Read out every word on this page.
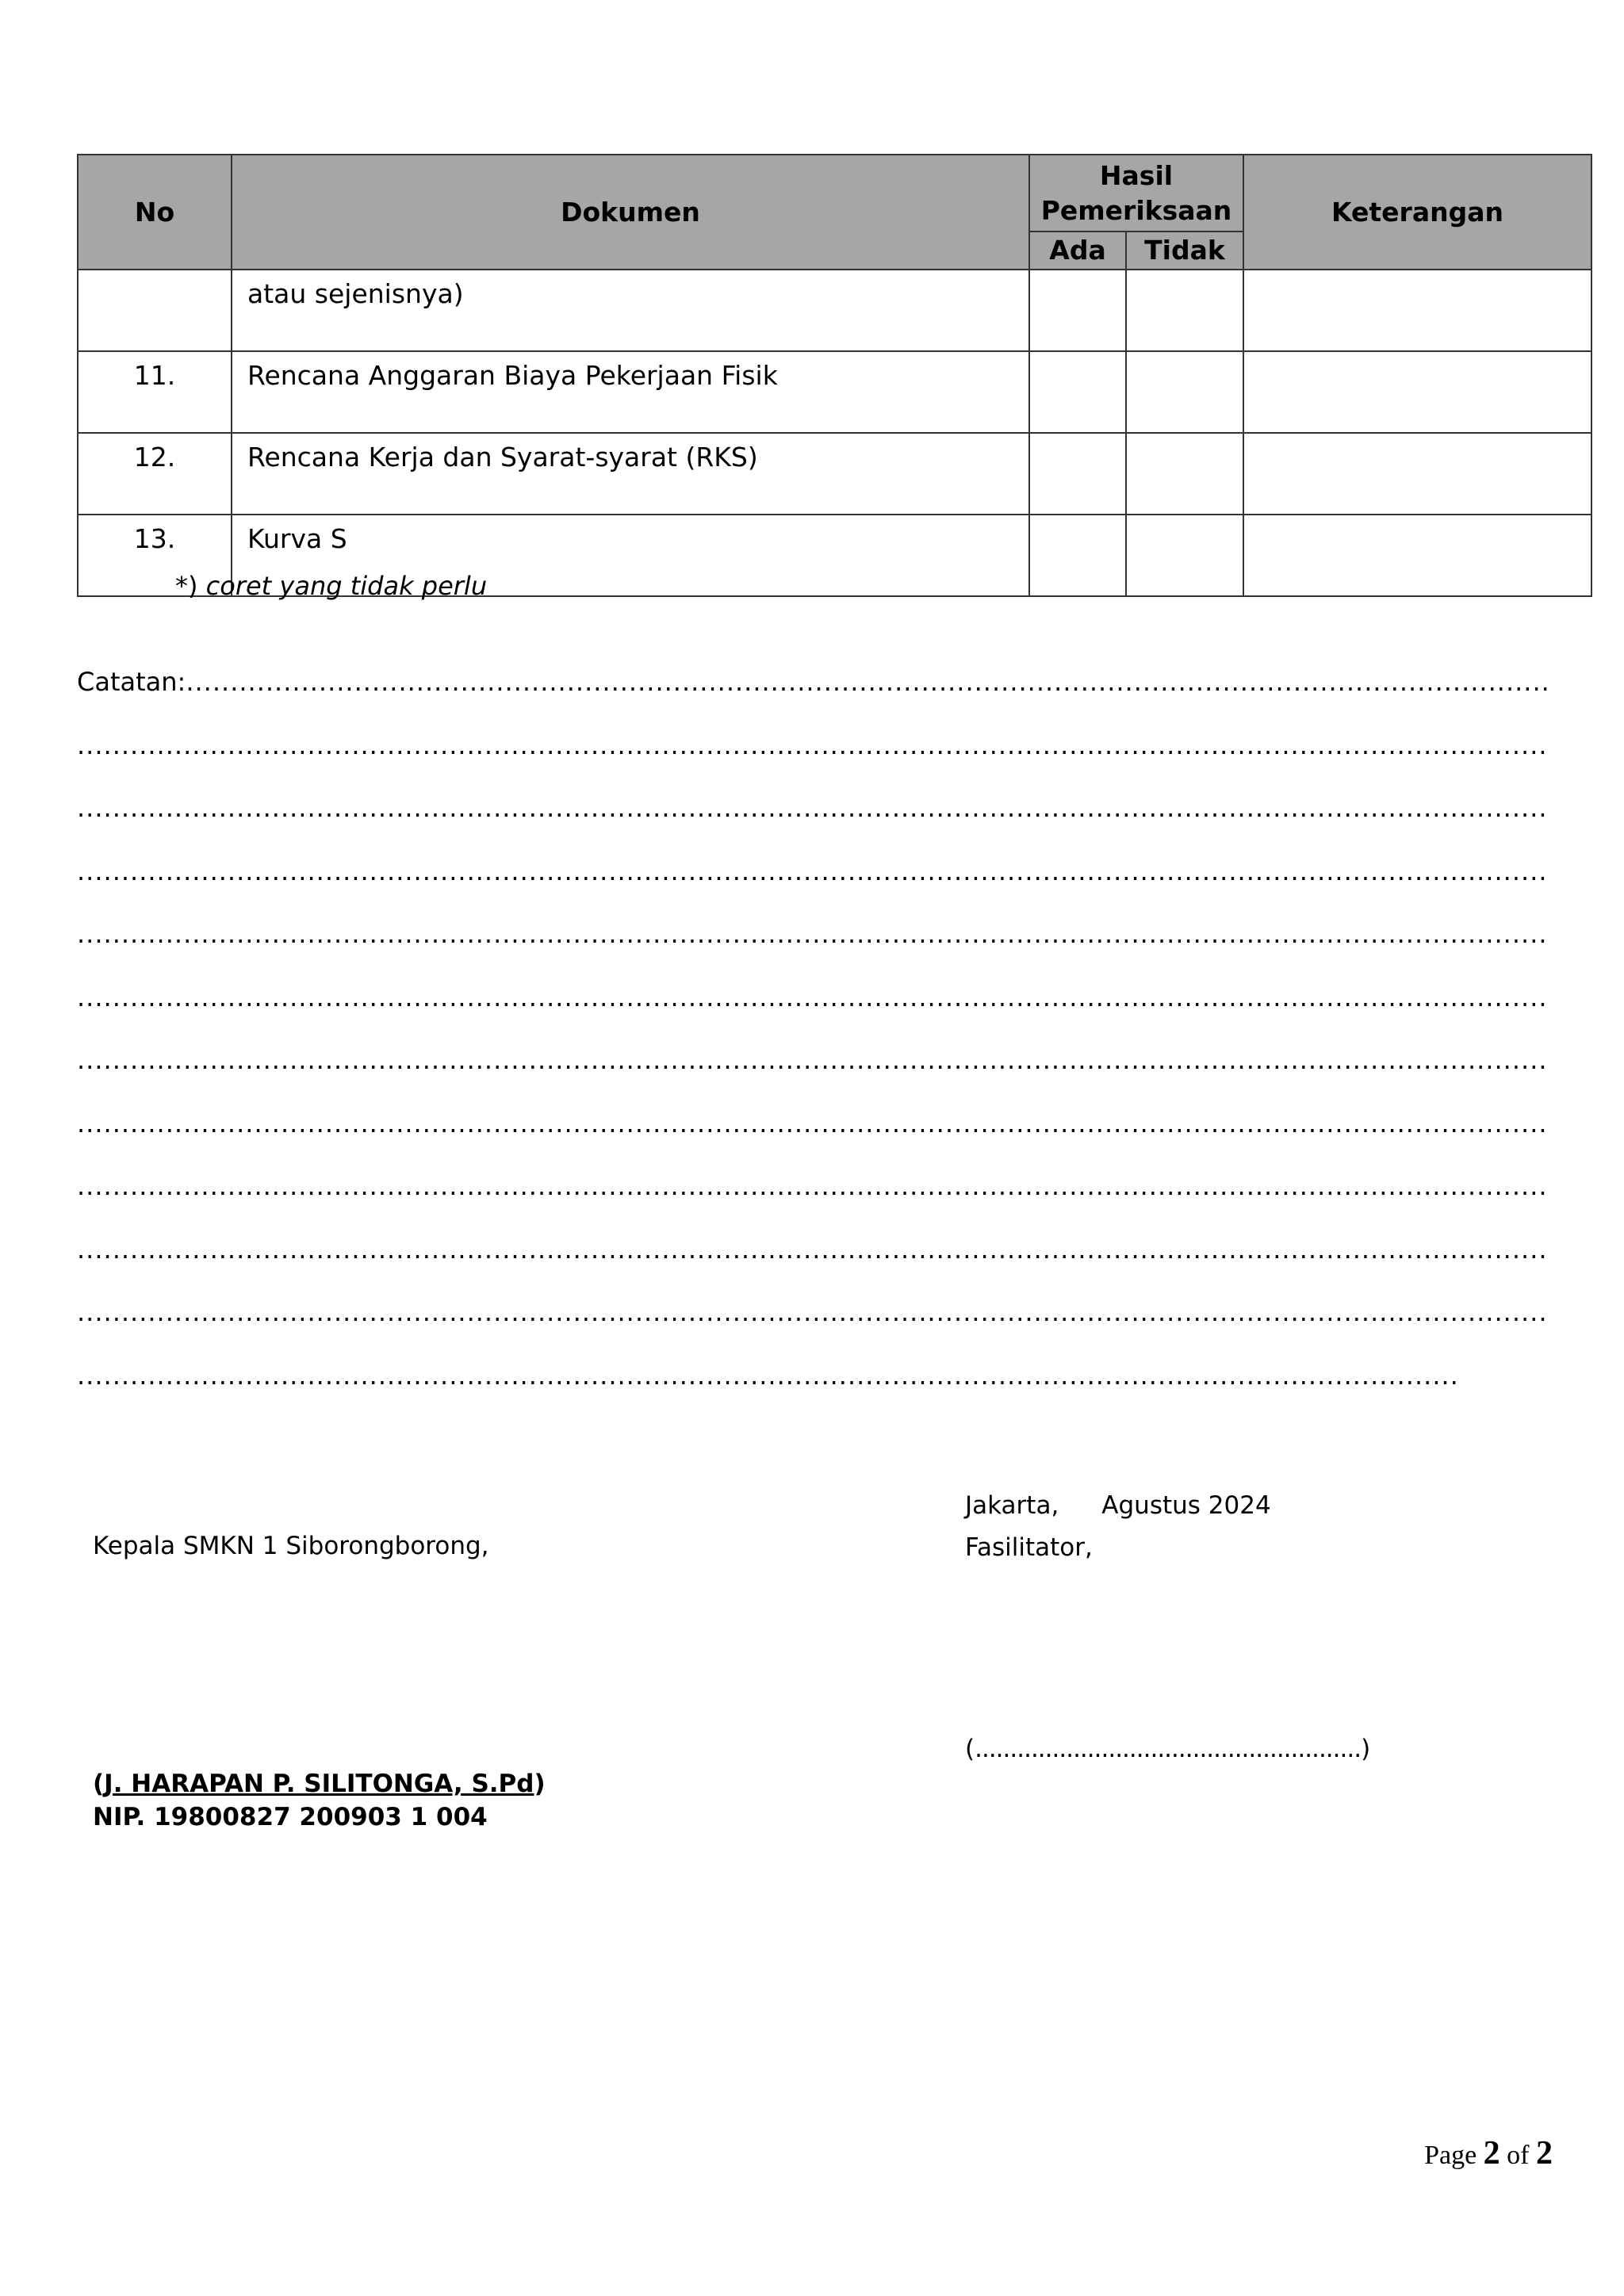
No	Dokumen	Hasil Pemeriksaan		Keterangan
		Ada	Tidak	
	atau sejenisnya)			
11.	Rencana Anggaran Biaya Pekerjaan Fisik			
12.	Rencana Kerja dan Syarat-syarat (RKS)			
13.	Kurva S			
*) coret yang tidak perlu
Catatan:.....
.....
.....
.....
.....
.....
.....
.....
.....
.....
.....
.....
Jakarta, Agustus 2024
Kepala SMKN 1 Siborongborong,	Fasilitator,
( .....	)
(J. HARAPAN P. SILITONGA, S.Pd)
NIP. 19800827 200903 1 004
Page 2 of 2
